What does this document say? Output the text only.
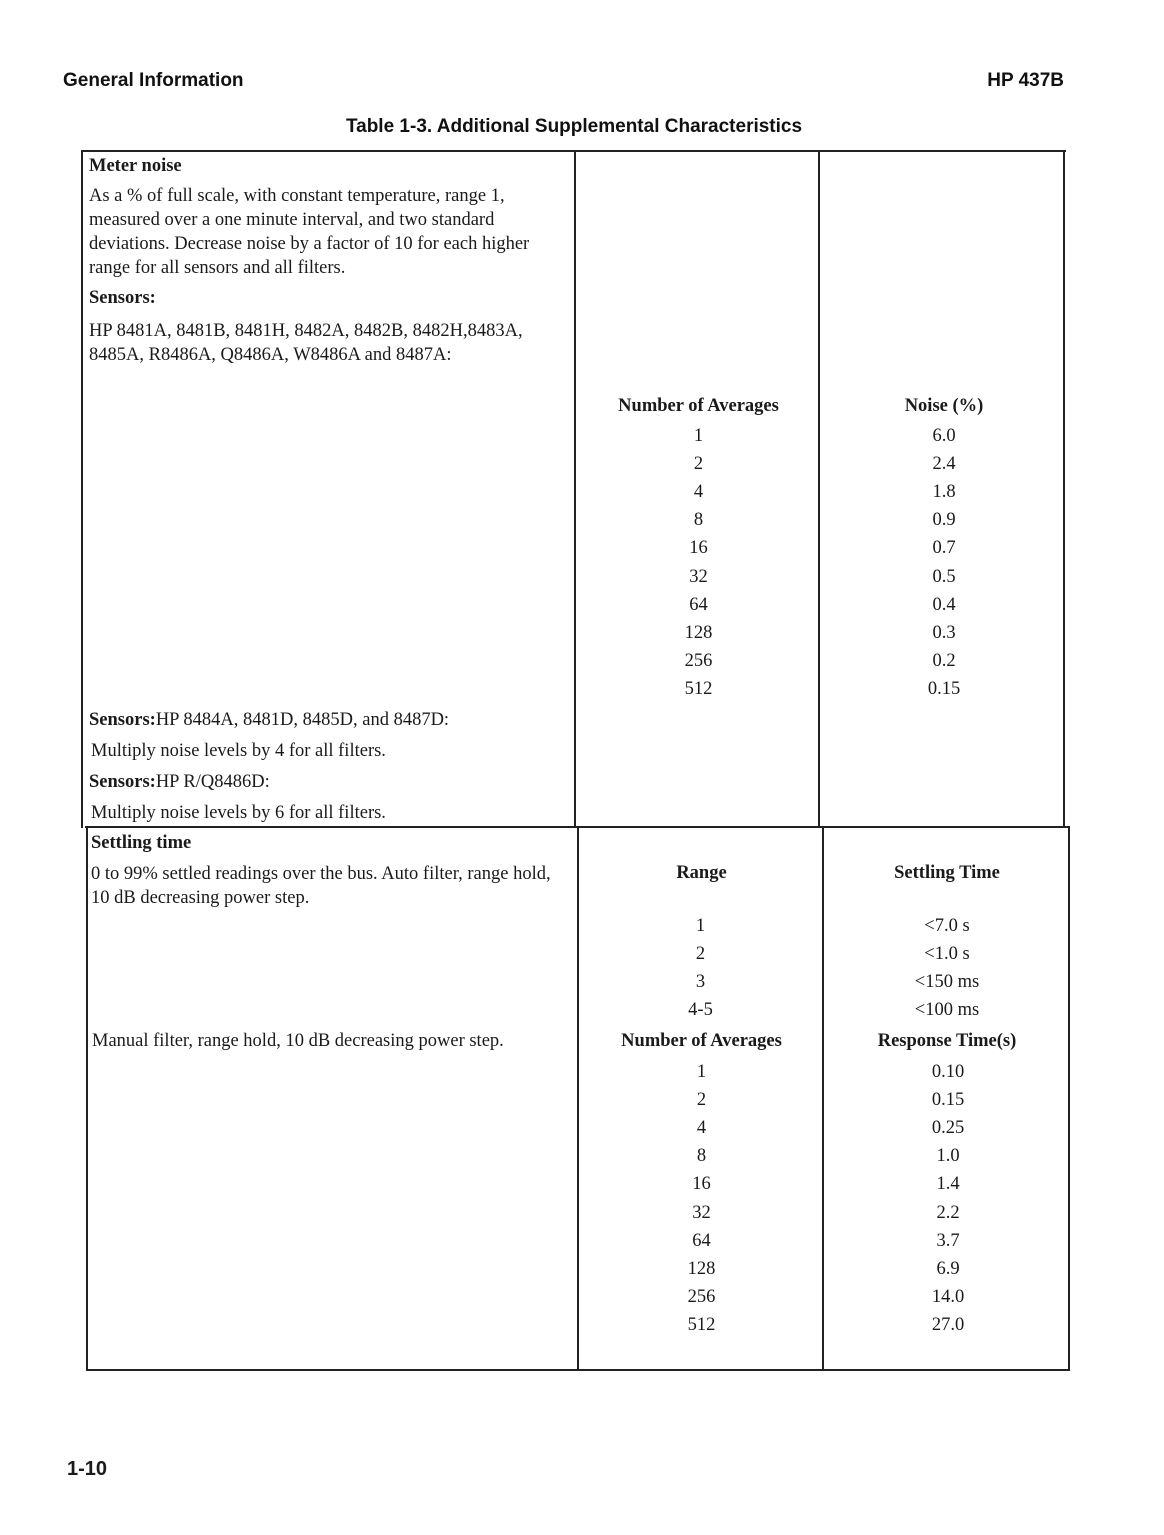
General Information	HP 437B
Table 1-3. Additional Supplemental Characteristics
Meter noise
As a % of full scale, with constant temperature, range 1, measured over a one minute interval, and two standard deviations. Decrease noise by a factor of 10 for each higher range for all sensors and all filters.
Sensors:
HP 8481A, 8481B, 8481H, 8482A, 8482B, 8482H,8483A, 8485A, R8486A, Q8486A, W8486A and 8487A:
Number of Averages	Noise (%)
1	6.0
2	2.4
4	1.8
8	0.9
16	0.7
32	0.5
64	0.4
128	0.3
256	0.2
512	0.15
Sensors:HP 8484A, 8481D, 8485D, and 8487D:
Multiply noise levels by 4 for all filters.
Sensors:HP R/Q8486D:
Multiply noise levels by 6 for all filters.
Settling time
0 to 99% settled readings over the bus. Auto filter, range hold, 10 dB decreasing power step.
Range	Settling Time
1	<7.0 s
2	<1.0 s
3	<150 ms
4-5	<100 ms
Manual filter, range hold, 10 dB decreasing power step.	Number of Averages	Response Time(s)
1	0.10
2	0.15
4	0.25
8	1.0
16	1.4
32	2.2
64	3.7
128	6.9
256	14.0
512	27.0
1-10
